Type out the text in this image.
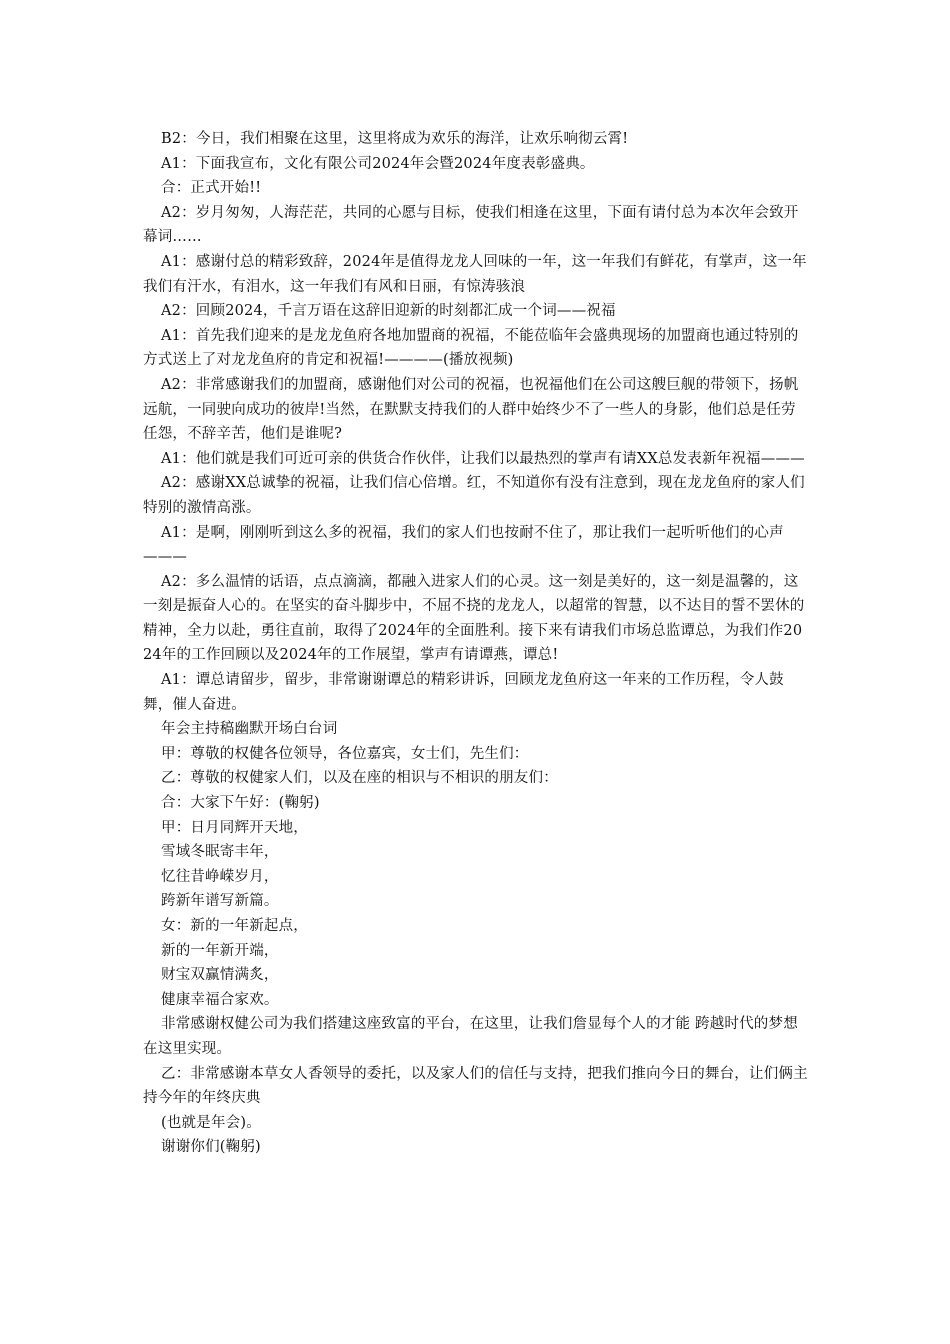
B2：今日，我们相聚在这里，这里将成为欢乐的海洋，让欢乐响彻云霄!

A1：下面我宣布，文化有限公司2024年会暨2024年度表彰盛典。

合：正式开始!!

A2：岁月匆匆，人海茫茫，共同的心愿与目标，使我们相逢在这里，下面有请付总为本次年会致开幕词……

A1：感谢付总的精彩致辞，2024年是值得龙龙人回味的一年，这一年我们有鲜花，有掌声，这一年我们有汗水，有泪水，这一年我们有风和日丽，有惊涛骇浪

A2：回顾2024，千言万语在这辞旧迎新的时刻都汇成一个词——祝福

A1：首先我们迎来的是龙龙鱼府各地加盟商的祝福，不能莅临年会盛典现场的加盟商也通过特别的方式送上了对龙龙鱼府的肯定和祝福!————(播放视频)

A2：非常感谢我们的加盟商，感谢他们对公司的祝福，也祝福他们在公司这艘巨舰的带领下，扬帆远航，一同驶向成功的彼岸!当然，在默默支持我们的人群中始终少不了一些人的身影，他们总是任劳任怨，不辞辛苦，他们是谁呢?

A1：他们就是我们可近可亲的供货合作伙伴，让我们以最热烈的掌声有请XX总发表新年祝福———

A2：感谢XX总诚挚的祝福，让我们信心倍增。红，不知道你有没有注意到，现在龙龙鱼府的家人们特别的激情高涨。

A1：是啊，刚刚听到这么多的祝福，我们的家人们也按耐不住了，那让我们一起听听他们的心声———

A2：多么温情的话语，点点滴滴，都融入进家人们的心灵。这一刻是美好的，这一刻是温馨的，这一刻是振奋人心的。在坚实的奋斗脚步中，不屈不挠的龙龙人，以超常的智慧，以不达目的誓不罢休的精神，全力以赴，勇往直前，取得了2024年的全面胜利。接下来有请我们市场总监谭总，为我们作2024年的工作回顾以及2024年的工作展望，掌声有请谭燕，谭总!

A1：谭总请留步，留步，非常谢谢谭总的精彩讲诉，回顾龙龙鱼府这一年来的工作历程，令人鼓舞，催人奋进。

年会主持稿幽默开场白台词

甲：尊敬的权健各位领导，各位嘉宾，女士们，先生们：

乙：尊敬的权健家人们，以及在座的相识与不相识的朋友们：

合：大家下午好：(鞠躬)

甲：日月同辉开天地，

雪域冬眠寄丰年，

忆往昔峥嵘岁月，

跨新年谱写新篇。

女：新的一年新起点，

新的一年新开端，

财宝双赢情满炙，

健康幸福合家欢。

非常感谢权健公司为我们搭建这座致富的平台，在这里，让我们詹显每个人的才能 跨越时代的梦想在这里实现。

乙：非常感谢本草女人香领导的委托，以及家人们的信任与支持，把我们推向今日的舞台，让们俩主持今年的年终庆典

(也就是年会)。

谢谢你们(鞠躬)
